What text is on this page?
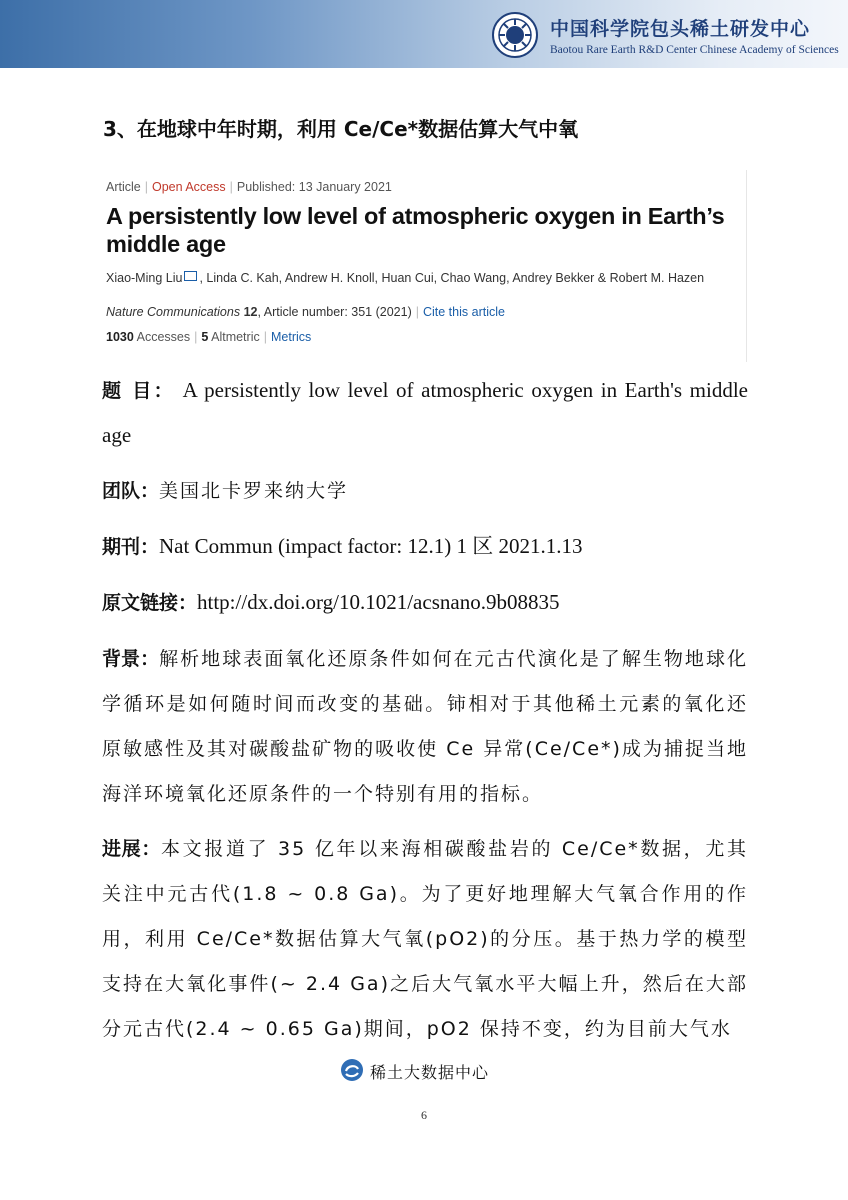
中国科学院包头稀土研发中心
Baotou Rare Earth R&D Center Chinese Academy of Sciences
3、在地球中年时期，利用 Ce/Ce*数据估算大气中氧
Article | Open Access | Published: 13 January 2021
A persistently low level of atmospheric oxygen in Earth’s middle age
Xiao-Ming Liu , Linda C. Kah, Andrew H. Knoll, Huan Cui, Chao Wang, Andrey Bekker & Robert M. Hazen
Nature Communications 12, Article number: 351 (2021) | Cite this article
1030 Accesses | 5 Altmetric | Metrics
题 目： A persistently low level of atmospheric oxygen in Earth's middle age
团队：美国北卡罗来纳大学
期刊：Nat Commun (impact factor: 12.1) 1 区 2021.1.13
原文链接：http://dx.doi.org/10.1021/acsnano.9b08835
背景：解析地球表面氧化还原条件如何在元古代演化是了解生物地球化学循环是如何随时间而改变的基础。铈相对于其他稀土元素的氧化还原敏感性及其对碳酸盐矿物的吸收使 Ce 异常(Ce/Ce*)成为捕捉当地海洋环境氧化还原条件的一个特别有用的指标。
进展：本文报道了 35 亿年以来海相碳酸盐岩的 Ce/Ce*数据，尤其关注中元古代(1.8 ~ 0.8 Ga)。为了更好地理解大气氧合作用的作用，利用 Ce/Ce*数据估算大气氧(pO2)的分压。基于热力学的模型支持在大氧化事件(~ 2.4 Ga)之后大气氧水平大幅上升，然后在大部分元古代(2.4 ~ 0.65 Ga)期间，pO2 保持不变，约为目前大气水
稀土大数据中心
6
